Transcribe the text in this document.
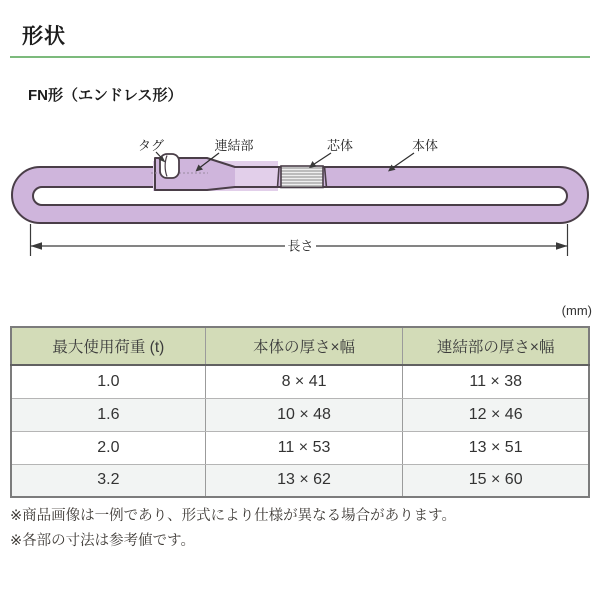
形状
FN形（エンドレス形）
タグ	連結部	芯体	本体
長さ
(mm)
最大使用荷重 (t)	本体の厚さ×幅	連結部の厚さ×幅
1.0	8 × 41	11 × 38
1.6	10 × 48	12 × 46
2.0	11 × 53	13 × 51
3.2	13 × 62	15 × 60
※商品画像は一例であり、形式により仕様が異なる場合があります。
※各部の寸法は参考値です。
